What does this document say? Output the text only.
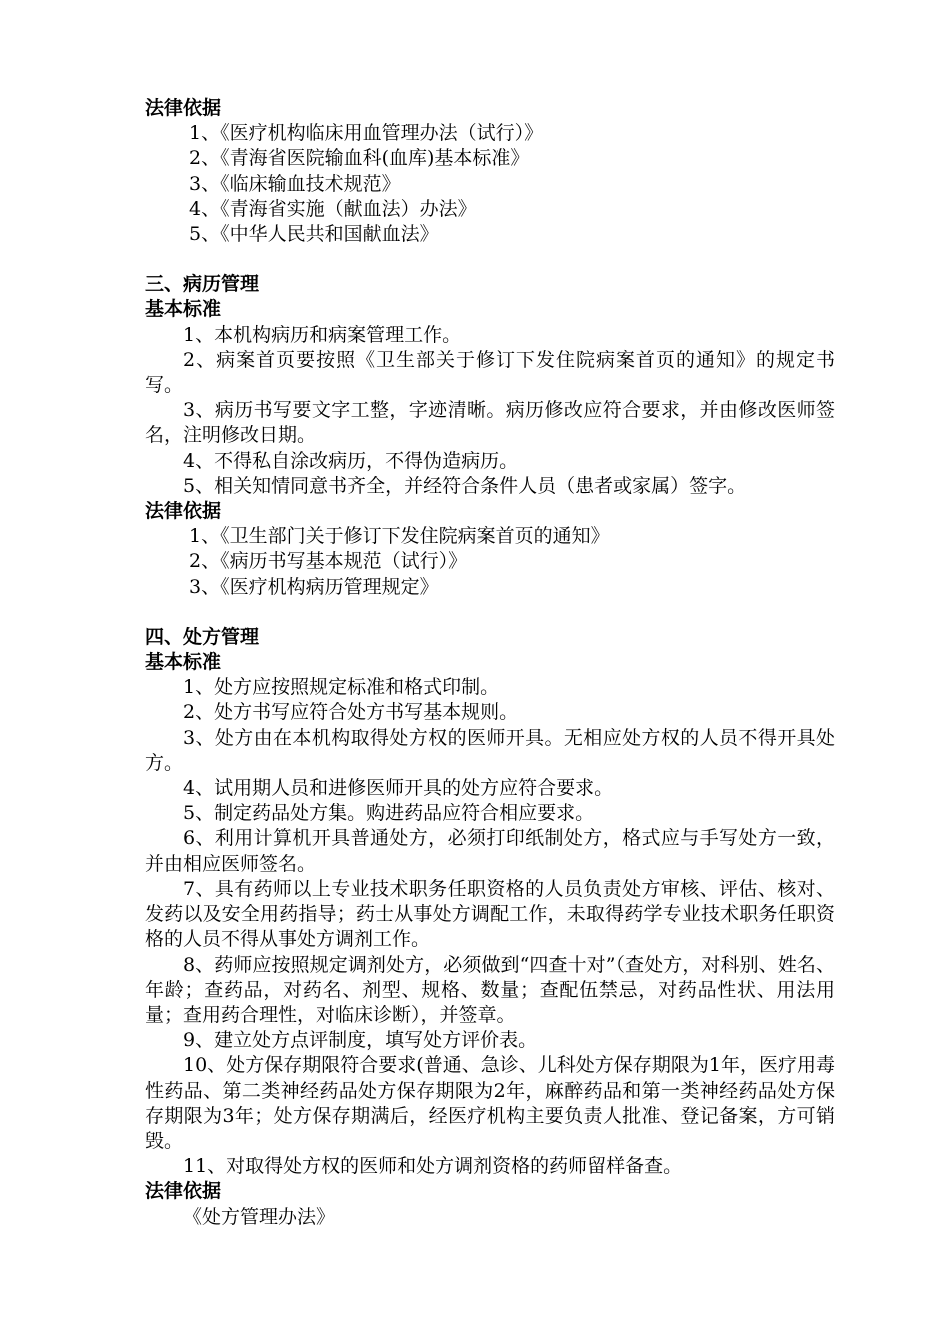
法律依据

1、《医疗机构临床用血管理办法（试行）》

2、《青海省医院输血科(血库)基本标准》

3、《临床输血技术规范》

4、《青海省实施（献血法）办法》

5、《中华人民共和国献血法》

三、病历管理

基本标准

1、本机构病历和病案管理工作。

2、病案首页要按照《卫生部关于修订下发住院病案首页的通知》的规定书写。

3、病历书写要文字工整，字迹清晰。病历修改应符合要求，并由修改医师签名，注明修改日期。

4、不得私自涂改病历，不得伪造病历。

5、相关知情同意书齐全，并经符合条件人员（患者或家属）签字。

法律依据

1、《卫生部门关于修订下发住院病案首页的通知》

2、《病历书写基本规范（试行）》

3、《医疗机构病历管理规定》

四、处方管理

基本标准

1、处方应按照规定标准和格式印制。

2、处方书写应符合处方书写基本规则。

3、处方由在本机构取得处方权的医师开具。无相应处方权的人员不得开具处方。

4、试用期人员和进修医师开具的处方应符合要求。

5、制定药品处方集。购进药品应符合相应要求。

6、利用计算机开具普通处方，必须打印纸制处方，格式应与手写处方一致，并由相应医师签名。

7、具有药师以上专业技术职务任职资格的人员负责处方审核、评估、核对、发药以及安全用药指导；药士从事处方调配工作，未取得药学专业技术职务任职资格的人员不得从事处方调剂工作。

8、药师应按照规定调剂处方，必须做到“四查十对”（查处方，对科别、姓名、年龄；查药品，对药名、剂型、规格、数量；查配伍禁忌，对药品性状、用法用量；查用药合理性，对临床诊断），并签章。

9、建立处方点评制度，填写处方评价表。

10、处方保存期限符合要求(普通、急诊、儿科处方保存期限为1年，医疗用毒性药品、第二类神经药品处方保存期限为2年，麻醉药品和第一类神经药品处方保存期限为3年；处方保存期满后，经医疗机构主要负责人批准、登记备案，方可销毁。

11、对取得处方权的医师和处方调剂资格的药师留样备查。

法律依据

《处方管理办法》
